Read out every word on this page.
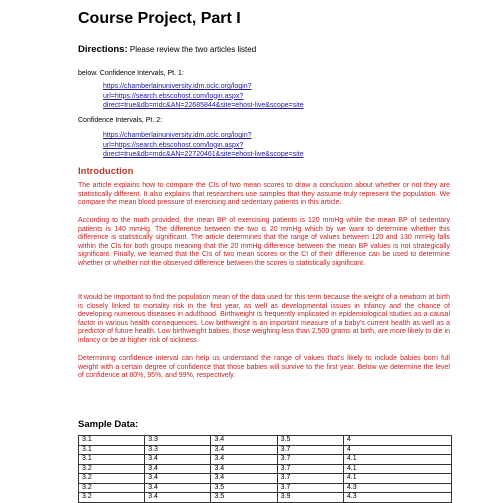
Course Project, Part I
Directions: Please review the two articles listed
below. Confidence Intervals, Pt. 1:
https://chamberlainuniversity.idm.oclc.org/login?
url=https://search.ebscohost.com/login.aspx?
direct=true&db=mdc&AN=22685844&site=ehost-live&scope=site
Confidence Intervals, Pt. 2:
https://chamberlainuniversity.idm.oclc.org/login?
url=https://search.ebscohost.com/login.aspx?
direct=true&db=mdc&AN=22720461&site=ehost-live&scope=site
Introduction
The article explains how to compare the CIs of two mean scores to draw a conclusion about whether or not they are statistically different. It also explains that researchers use samples that they assume truly represent the population. We compare the mean blood pressure of exercising and sedentary patients in this article.
According to the math provided, the mean BP of exercising patients is 120 mmHg while the mean BP of sedentary patients is 140 mmHg. The difference between the two is 20 mmHg which by we want to determine whether this difference is statistically significant. The article determines that the range of values between 120 and 130 mmHg falls within the CIs for both groups meaning that the 20 mmHg difference between the mean BP values is not strategically significant. Finally, we learned that the CIs of two mean scores or the CI of their difference can be used to determine whether or whether not the observed difference between the scores is statistically significant.
It would be important to find the population mean of the data used for this term because the weight of a newborn at birth is closely linked to mortality risk in the first year, as well as developmental issues in infancy and the chance of developing numerous diseases in adulthood. Birthweight is frequently implicated in epidemiological studies as a causal factor in various health consequences. Low birthweight is an important measure of a baby's current health as well as a predictor of future health. Low birthweight babies, those weighing less than 2,500 grams at birth, are more likely to die in infancy or be at higher risk of sickness.
Determining confidence interval can help us understand the range of values that's likely to include babies born full weight with a certain degree of confidence that those babies will survive to the first year. Below we determine the level of confidence at 80%, 95%, and 99%, respectively.
Sample Data:
3.1	3.3	3.4	3.5	4
3.1	3.3	3.4	3.7	4
3.1	3.4	3.4	3.7	4.1
3.2	3.4	3.4	3.7	4.1
3.2	3.4	3.4	3.7	4.1
3.2	3.4	3.5	3.7	4.3
3.2	3.4	3.5	3.9	4.3
